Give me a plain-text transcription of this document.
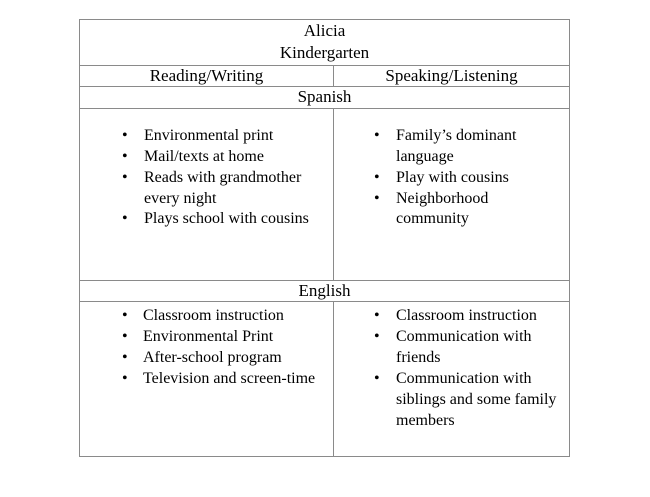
Alicia
Kindergarten	

Reading/Writing	Speaking/Listening
Spanish	

•	Environmental print
•	Mail/texts at home
•	Reads with grandmother every night
•	Plays school with cousins

•	Family’s dominant language
•	Play with cousins
•	Neighborhood community

English	

• Classroom instruction
• Environmental Print
• After-school program
• Television and screen-time

•	Classroom instruction
•	Communication with friends
•	Communication with siblings and some family members
